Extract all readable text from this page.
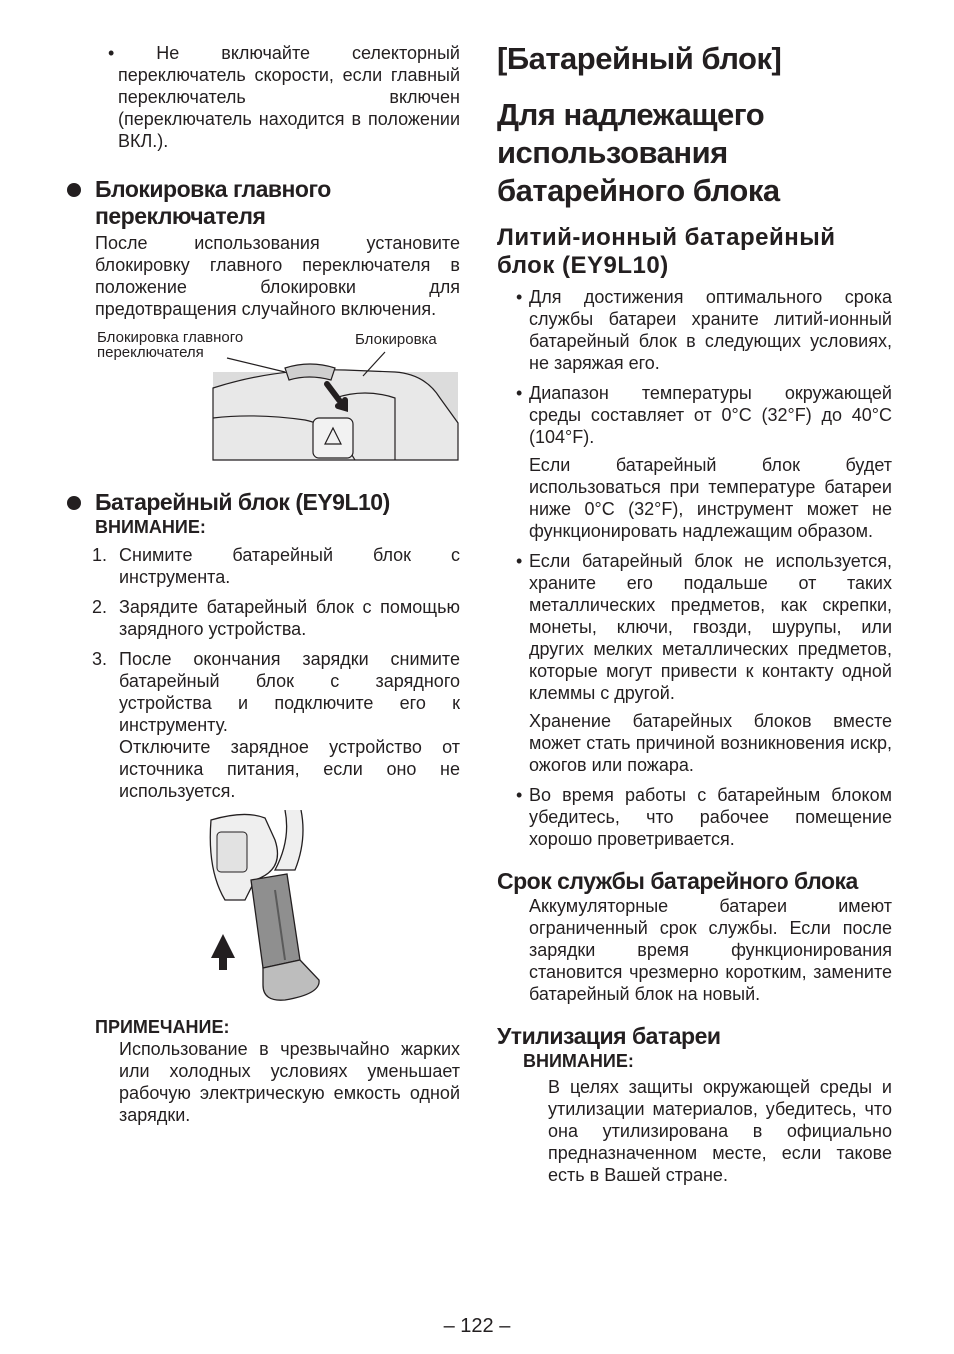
• Не включайте селекторный переключатель скорости, если главный переключатель включен (переключатель находится в положении ВКЛ.).

Блокировка главного переключателя

После использования установите блокировку главного переключателя в положение блокировки для предотвращения случайного включения.

Блокировка главного переключателя
Блокировка
Батарейный блок (EY9L10)

ВНИМАНИЕ:

1. Снимите батарейный блок с инструмента.
2. Зарядите батарейный блок с помощью зарядного устройства.
3. После окончания зарядки снимите батарейный блок с зарядного устройства и подключите его к инструменту.
Отключите зарядное устройство от источника питания, если оно не используется.

ПРИМЕЧАНИЕ:

Использование в чрезвычайно жарких или холодных условиях уменьшает рабочую электрическую емкость одной зарядки.

[Батарейный блок]
Для надлежащего использования батарейного блока
Литий-ионный батарейный блок (EY9L10)
• Для достижения оптимального срока службы батареи храните литий-ионный батарейный блок в следующих условиях, не заряжая его.
• Диапазон температуры окружающей среды составляет от 0°C (32°F) до 40°C (104°F).
Если батарейный блок будет использоваться при температуре батареи ниже 0°C (32°F), инструмент может не функционировать надлежащим образом.
• Если батарейный блок не используется, храните его подальше от таких металлических предметов, как скрепки, монеты, ключи, гвозди, шурупы, или других мелких металлических предметов, которые могут привести к контакту одной клеммы с другой.
Хранение батарейных блоков вместе может стать причиной возникновения искр, ожогов или пожара.
• Во время работы с батарейным блоком убедитесь, что рабочее помещение хорошо проветривается.
Срок службы батарейного блока

Аккумуляторные батареи имеют ограниченный срок службы. Если после зарядки время функционирования становится чрезмерно коротким, замените батарейный блок на новый.

Утилизация батареи

ВНИМАНИЕ:

В целях защиты окружающей среды и утилизации материалов, убедитесь, что она утилизирована в официально предназначенном месте, если такове есть в Вашей стране.

– 122 –
